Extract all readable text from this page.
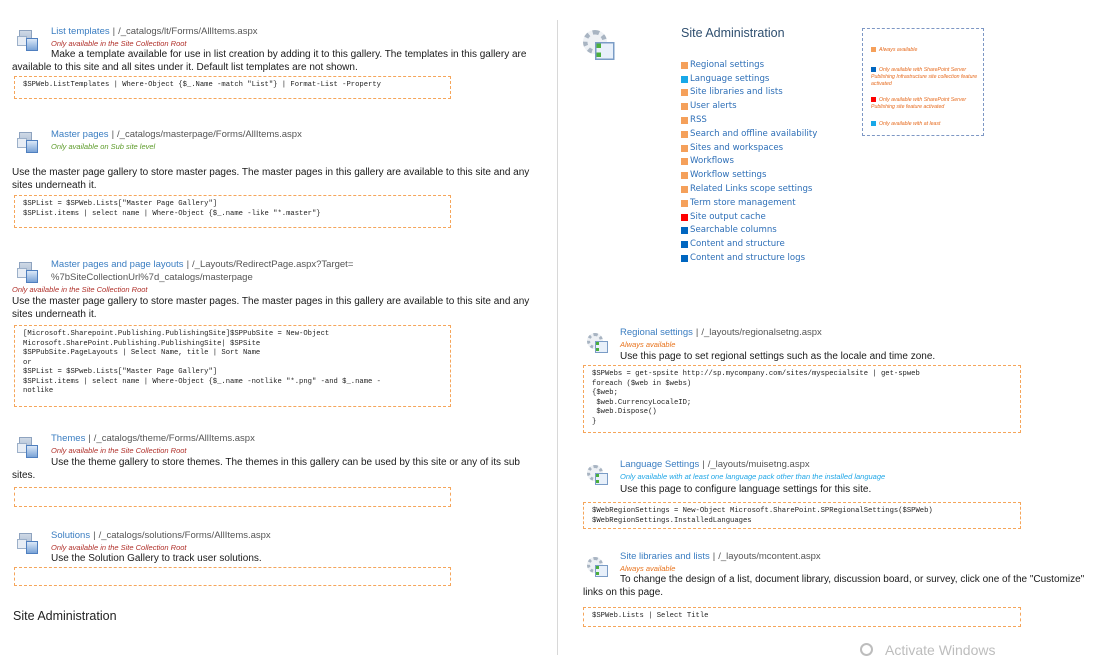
List templates | /_catalogs/lt/Forms/AllItems.aspx
Only available in the Site Collection Root
Make a template available for use in list creation by adding it to this gallery. The templates in this gallery are available to this site and all sites under it. Default list templates are not shown.
$SPWeb.ListTemplates | Where-Object {$_.Name -match "List"} | Format-List -Property
Master pages | /_catalogs/masterpage/Forms/AllItems.aspx
Only available on Sub site level
Use the master page gallery to store master pages. The master pages in this gallery are available to this site and any sites underneath it.
$SPList = $SPWeb.Lists["Master Page Gallery"]
$SPList.items | select name | Where-Object {$_.name -like "*.master"}
Master pages and page layouts | /_Layouts/RedirectPage.aspx?Target=
%7bSiteCollectionUrl%7d_catalogs/masterpage
Only available in the Site Collection Root
Use the master page gallery to store master pages. The master pages in this gallery are available to this site and any sites underneath it.
[Microsoft.Sharepoint.Publishing.PublishingSite]$SPPubSite = New-Object
Microsoft.SharePoint.Publishing.PublishingSite| $SPSite
$SPPubSite.PageLayouts | Select Name, title | Sort Name
or
$SPList = $SPweb.Lists["Master Page Gallery"]
$SPList.items | select name | Where-Object {$_.name -notlike "*.png" -and $_.name -
notlike
Themes | /_catalogs/theme/Forms/AllItems.aspx
Only available in the Site Collection Root
Use the theme gallery to store themes. The themes in this gallery can be used by this site or any of its sub sites.
Solutions | /_catalogs/solutions/Forms/AllItems.aspx
Only available in the Site Collection Root
Use the Solution Gallery to track user solutions.
Site Administration
Site Administration
Regional settings
Language settings
Site libraries and lists
User alerts
RSS
Search and offline availability
Sites and workspaces
Workflows
Workflow settings
Related Links scope settings
Term store management
Site output cache
Searchable columns
Content and structure
Content and structure logs
Always available
Only available with SharePoint Server Publishing Infrastructure site collection feature activated
Only available with SharePoint Server Publishing site feature activated
Only available with at least
Regional settings | /_layouts/regionalsetng.aspx
Always available
Use this page to set regional settings such as the locale and time zone.
$SPWebs = get-spsite http://sp.mycompany.com/sites/myspecialsite | get-spweb
foreach ($web in $webs)
{$web;
$web.CurrencyLocaleID;
$web.Dispose()
}
Language Settings | /_layouts/muisetng.aspx
Only available with at least one language pack other than the installed language
Use this page to configure language settings for this site.
$WebRegionSettings = New-Object Microsoft.SharePoint.SPRegionalSettings($SPWeb)
$WebRegionSettings.InstalledLanguages
Site libraries and lists | /_layouts/mcontent.aspx
Always available
To change the design of a list, document library, discussion board, or survey, click one of the "Customize" links on this page.
$SPWeb.Lists | Select Title
Activate Windows
